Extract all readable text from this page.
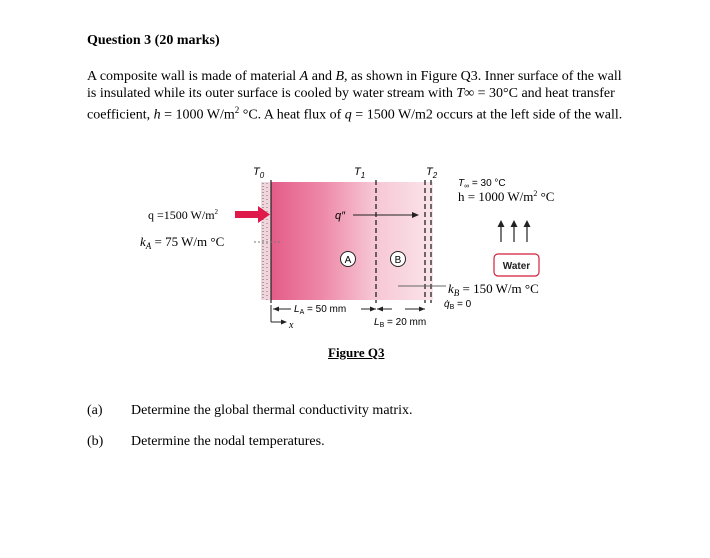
Question 3 (20 marks)
A composite wall is made of material A and B, as shown in Figure Q3. Inner surface of the wall is insulated while its outer surface is cooled by water stream with T∞ = 30°C and heat transfer coefficient, h = 1000 $W/m^2$ °C. A heat flux of q = 1500 W/m2 occurs at the left side of the wall.
$T_0$	$T_1$	$T_2$
q =1500 $W/m^2$
$k_A = 75$ W/m °C
q″
A	B
$L_A = 50$ mm
$L_B = 20$ mm
x
$T_\infty = 30$ °C
h = 1000 $W/m^2$ °C
Water
$k_B = 150$ W/m °C
$q̇_B = 0$
Figure Q3
(a) Determine the global thermal conductivity matrix.
(b) Determine the nodal temperatures.
